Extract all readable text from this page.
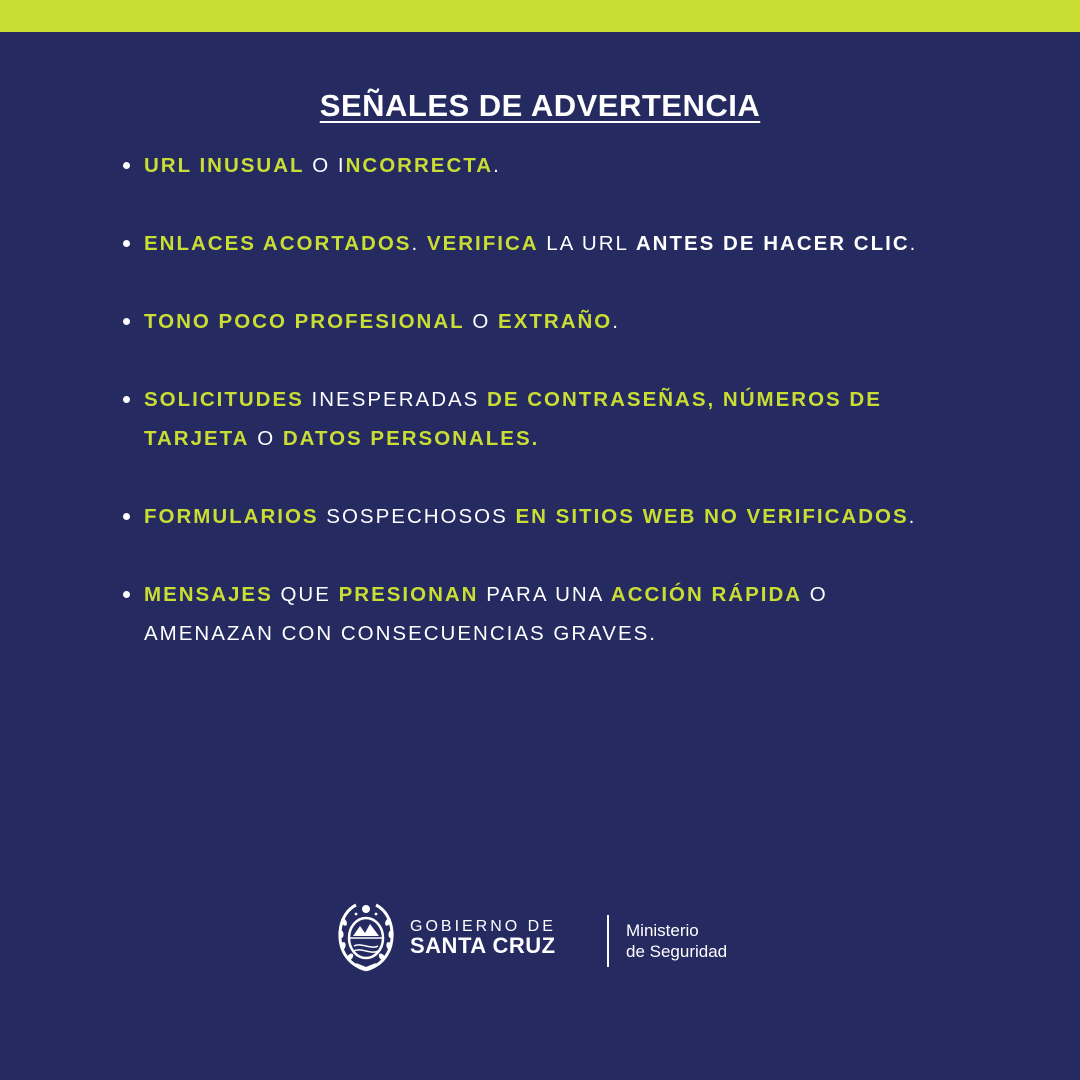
SEÑALES DE ADVERTENCIA
URL INUSUAL O INCORRECTA.
ENLACES ACORTADOS. VERIFICA LA URL ANTES DE HACER CLIC.
TONO POCO PROFESIONAL O EXTRAÑO.
SOLICITUDES INESPERADAS DE CONTRASEÑAS, NÚMEROS DE TARJETA O DATOS PERSONALES.
FORMULARIOS SOSPECHOSOS EN SITIOS WEB NO VERIFICADOS.
MENSAJES QUE PRESIONAN PARA UNA ACCIÓN RÁPIDA O AMENAZAN CON CONSECUENCIAS GRAVES.
GOBIERNO DE
SANTA CRUZ
Ministerio
de Seguridad
